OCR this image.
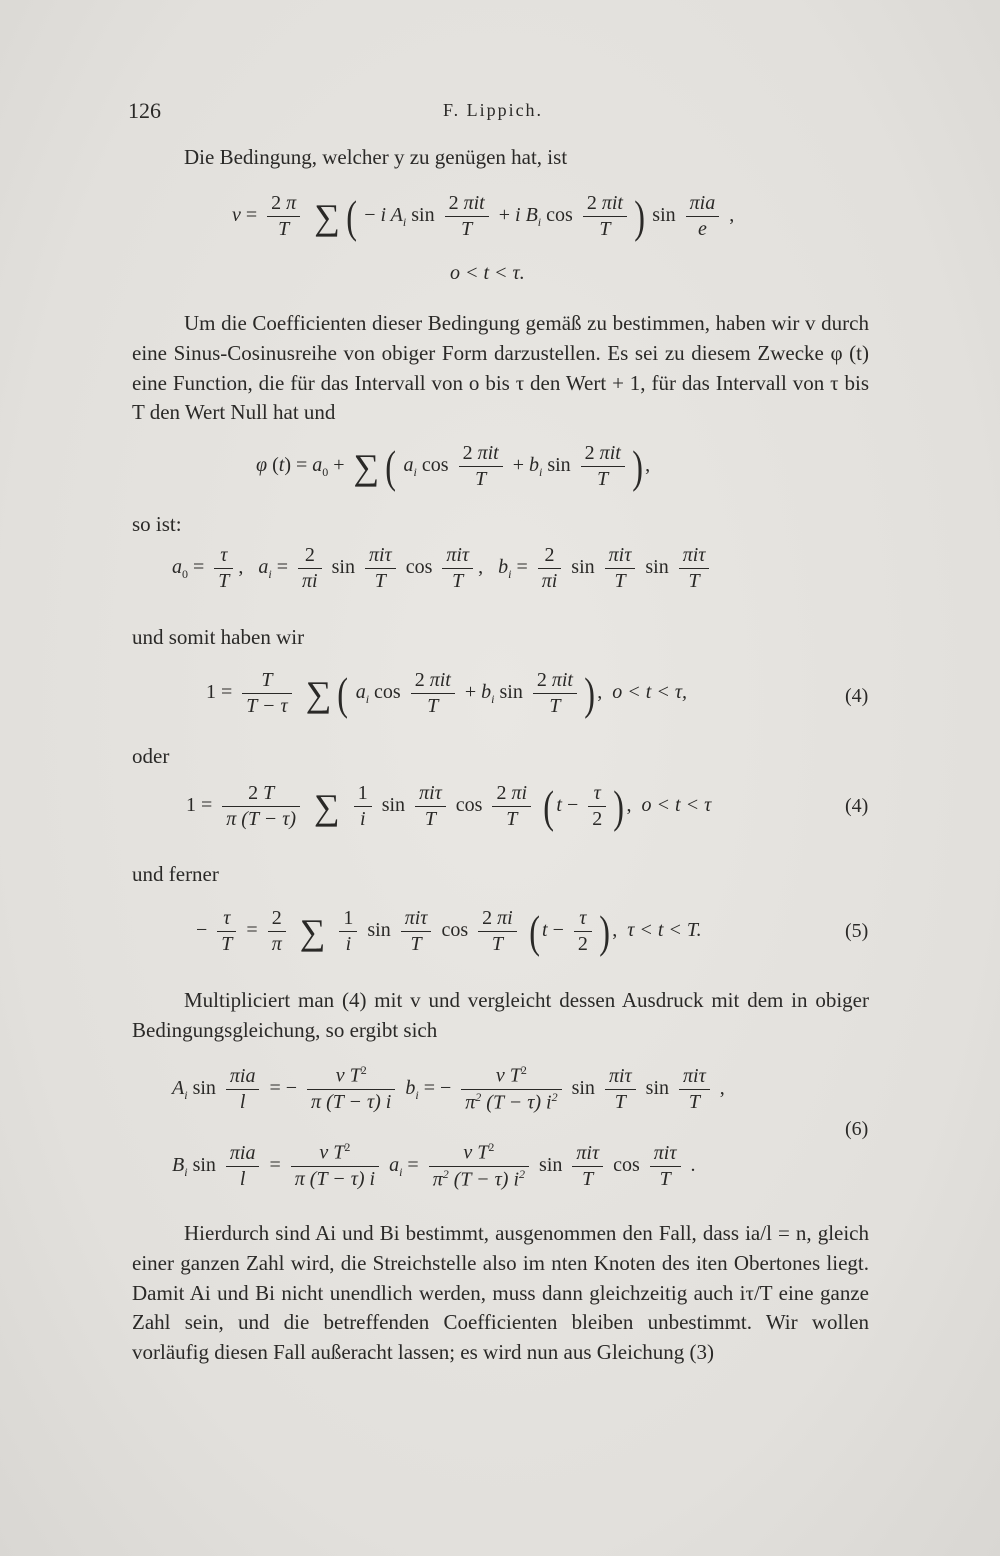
126	F. Lippich.
Die Bedingung, welcher y zu genügen hat, ist
$v = \frac{2 \pi}{T}$ ∑ ( − i $A_i$ $\sin \frac{\text{2 πit}}{T} + i$ $B_i$ $\cos \frac{\text{2 πit}}{T}$ ) $\sin \frac{\text{πia}}{e}$ ,
o < t < τ.
Um die Coefficienten dieser Bedingung gemäß zu bestimmen, haben wir v durch eine Sinus-Cosinusreihe von obiger Form darzustellen. Es sei zu diesem Zwecke φ (t) eine Function, die für das Intervall von o bis τ den Wert + 1, für das Intervall von τ bis T den Wert Null hat und
φ $(t) = a_0$ + ∑ ( $a_i$ $\cos \frac{\text{2 πit}}{T} + b_i$ $\sin \frac{\text{2 πit}}{T}$ ) ,
so ist:
$a_0 = \frac{\tau}{T}$ ,   $a_i = \frac{2}{\pi i}$ $\sin \frac{\text{πiτ}}{T}$ $\cos \frac{\text{πiτ}}{T}$ ,   $b_i = \frac{2}{\pi i}$ $\sin \frac{\text{πiτ}}{T}$ $\sin \frac{\text{πiτ}}{T}$
und somit haben wir
$1 = \frac{T}{T - \tau}$ ∑ ( $a_i$ $\cos \frac{\text{2 πit}}{T} + b_i$ $\sin \frac{\text{2 πit}}{T}$ ) ,  o < t < τ,	(4)
oder
$1 = \frac{2 T}{\pi (T - \tau)}$ ∑ $\frac{1}{i}$ $\sin \frac{\text{πiτ}}{T}$ $\cos \frac{2 \pi i}{T}$ ( $t - \frac{\tau}{2}$ ) ,  o < t < τ	(4)
und ferner
− $\frac{\tau}{T} = \frac{2}{\pi}$ ∑ $\frac{1}{i}$ $\sin \frac{\text{πiτ}}{T}$ $\cos \frac{2 \pi i}{T}$ ( $t - \frac{\tau}{2}$ ) ,  τ < t < T.	(5)
Multipliciert man (4) mit v und vergleicht dessen Ausdruck mit dem in obiger Bedingungsgleichung, so ergibt sich
$A_i$ $\sin \frac{\text{πia}}{l}$ = − $\frac{v T^2}{\pi (T - \tau) i} b_i$ = − $\frac{v T^2}{\pi^2 (T - \tau) i^2}$ $\sin \frac{\text{πiτ}}{T}$ $\sin \frac{\text{πiτ}}{T}$ ,
(6)
$B_i$ $\sin \frac{\text{πia}}{l} = \frac{v T^2}{\pi (T - \tau) i} a_i = \frac{v T^2}{\pi^2 (T - \tau) i^2}$ $\sin \frac{\text{πiτ}}{T}$ $\cos \frac{\text{πiτ}}{T}$ .
Hierdurch sind Ai und Bi bestimmt, ausgenommen den Fall, dass ia/l = n, gleich einer ganzen Zahl wird, die Streichstelle also im nten Knoten des iten Obertones liegt. Damit Ai und Bi nicht unendlich werden, muss dann gleichzeitig auch iτ/T eine ganze Zahl sein, und die betreffenden Coefficienten bleiben unbestimmt. Wir wollen vorläufig diesen Fall außeracht lassen; es wird nun aus Gleichung (3)
